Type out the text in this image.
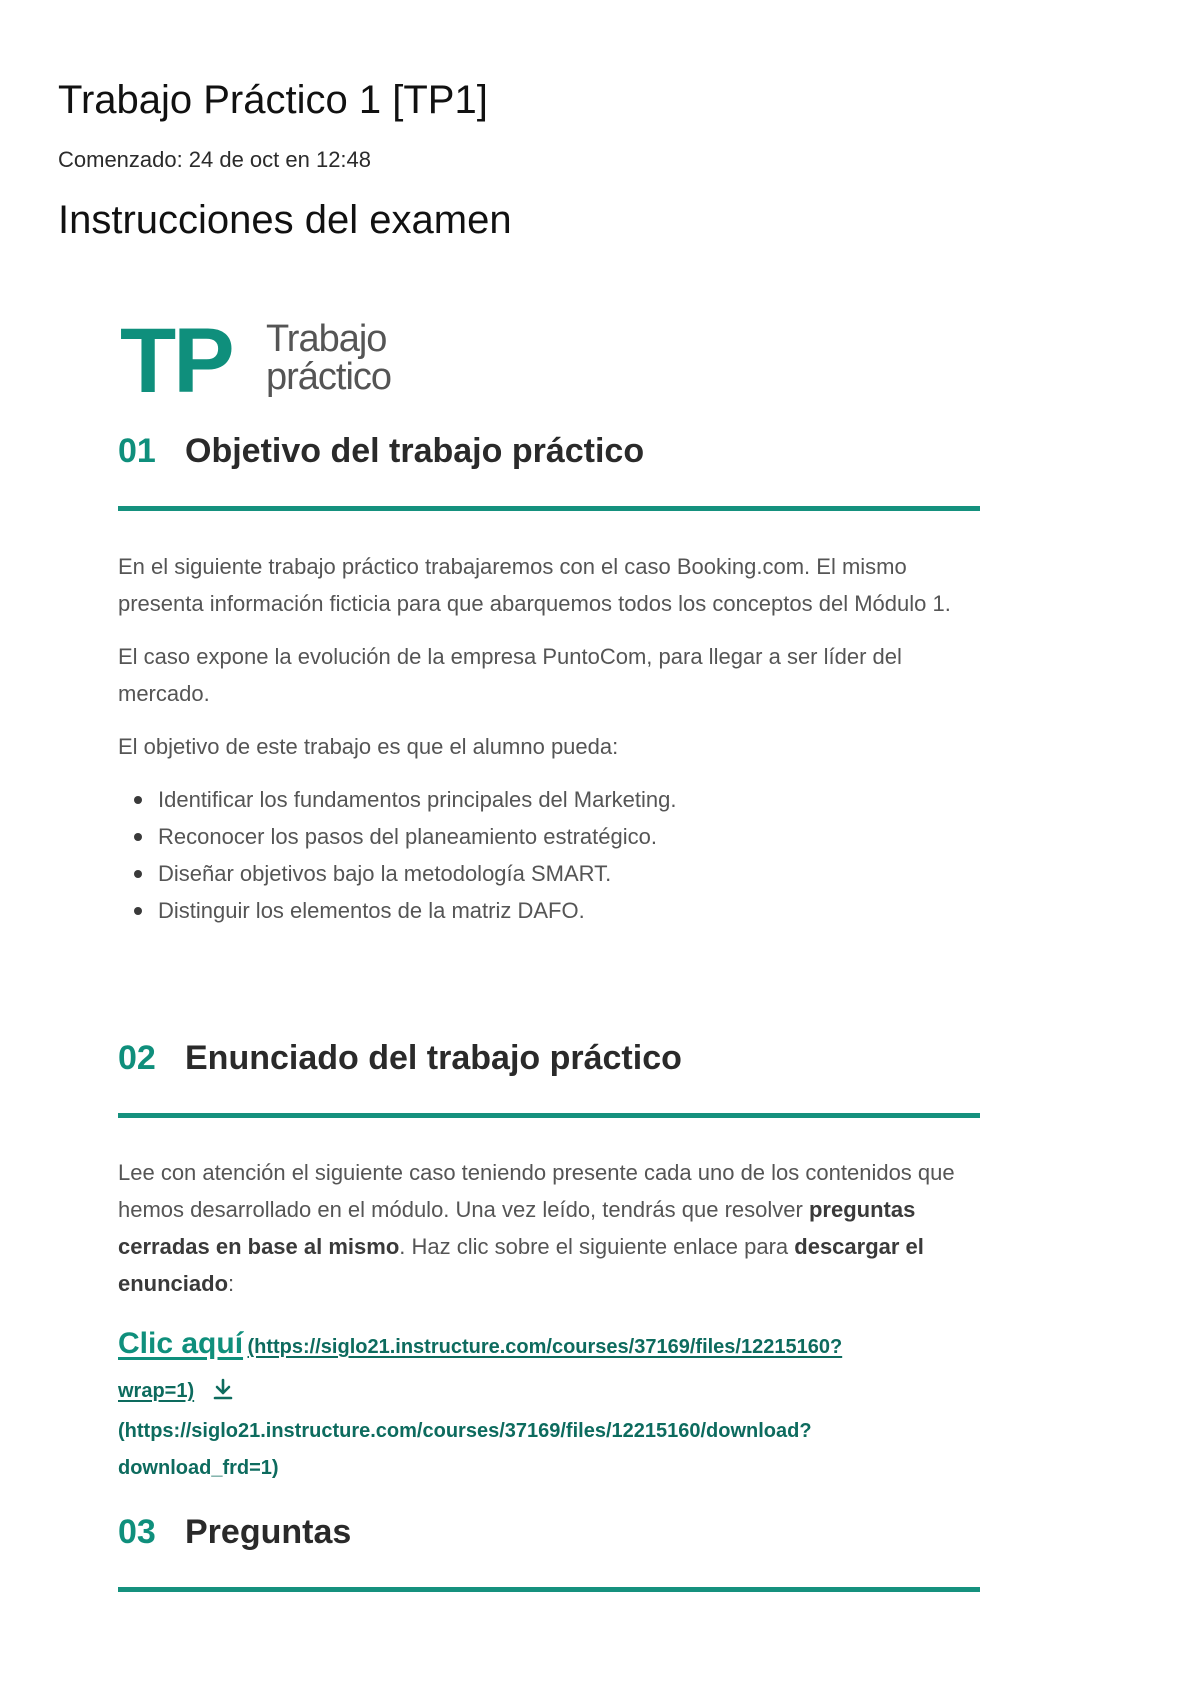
Trabajo Práctico 1 [TP1]
Comenzado: 24 de oct en 12:48
Instrucciones del examen
TP Trabajo
práctico
01 Objetivo del trabajo práctico

En el siguiente trabajo práctico trabajaremos con el caso Booking.com. El mismo presenta información ficticia para que abarquemos todos los conceptos del Módulo 1.

El caso expone la evolución de la empresa PuntoCom, para llegar a ser líder del mercado.

El objetivo de este trabajo es que el alumno pueda:

Identificar los fundamentos principales del Marketing.
Reconocer los pasos del planeamiento estratégico.
Diseñar objetivos bajo la metodología SMART.
Distinguir los elementos de la matriz DAFO.
02 Enunciado del trabajo práctico

Lee con atención el siguiente caso teniendo presente cada uno de los contenidos que hemos desarrollado en el módulo. Una vez leído, tendrás que resolver preguntas cerradas en base al mismo. Haz clic sobre el siguiente enlace para descargar el enunciado:

Clic aquí (https://siglo21.instructure.com/courses/37169/files/12215160?
wrap=1)
(https://siglo21.instructure.com/courses/37169/files/12215160/download?
download_frd=1)
03 Preguntas
